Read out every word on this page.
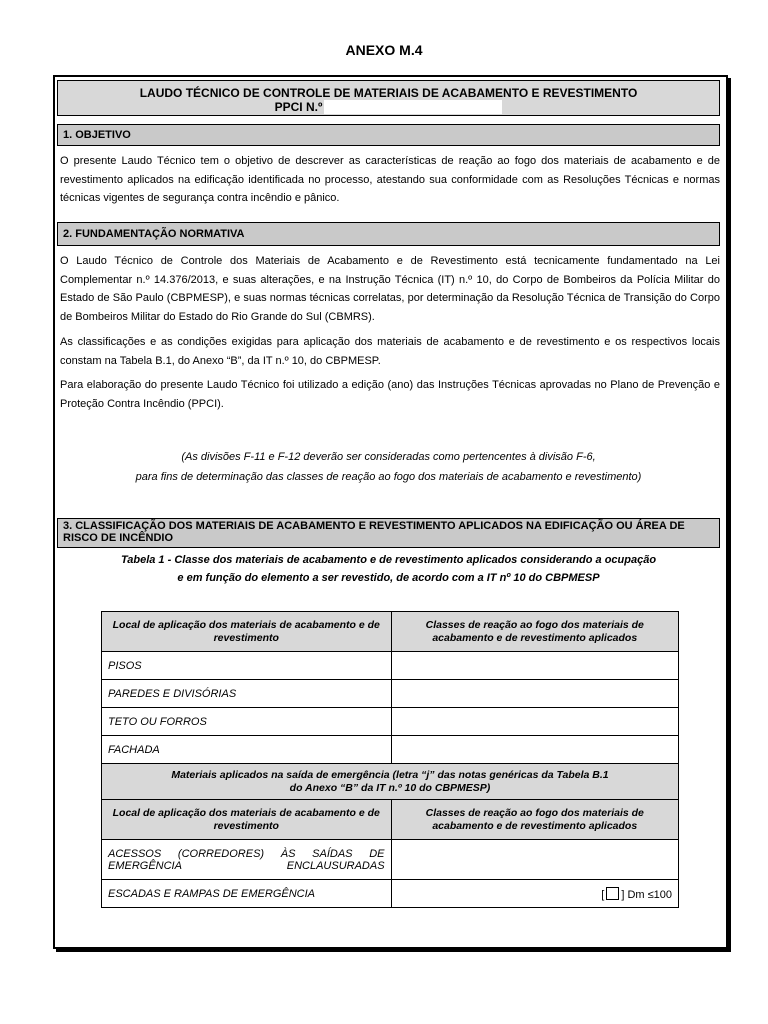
ANEXO M.4
LAUDO TÉCNICO DE CONTROLE DE MATERIAIS DE ACABAMENTO E REVESTIMENTO
PPCI N.º
1. OBJETIVO
O presente Laudo Técnico tem o objetivo de descrever as características de reação ao fogo dos materiais de acabamento e de revestimento aplicados na edificação identificada no processo, atestando sua conformidade com as Resoluções Técnicas e normas técnicas vigentes de segurança contra incêndio e pânico.
2. FUNDAMENTAÇÃO NORMATIVA
O Laudo Técnico de Controle dos Materiais de Acabamento e de Revestimento está tecnicamente fundamentado na Lei Complementar n.º 14.376/2013, e suas alterações, e na Instrução Técnica (IT) n.º 10, do Corpo de Bombeiros da Polícia Militar do Estado de São Paulo (CBPMESP), e suas normas técnicas correlatas, por determinação da Resolução Técnica de Transição do Corpo de Bombeiros Militar do Estado do Rio Grande do Sul (CBMRS).
As classificações e as condições exigidas para aplicação dos materiais de acabamento e de revestimento e os respectivos locais constam na Tabela B.1, do Anexo “B”, da IT n.º 10, do CBPMESP.
Para elaboração do presente Laudo Técnico foi utilizado a edição (ano) das Instruções Técnicas aprovadas no Plano de Prevenção e Proteção Contra Incêndio (PPCI).
(As divisões F-11 e F-12 deverão ser consideradas como pertencentes à divisão F-6,
para fins de determinação das classes de reação ao fogo dos materiais de acabamento e revestimento)
3. CLASSIFICAÇÃO DOS MATERIAIS DE ACABAMENTO E REVESTIMENTO APLICADOS NA EDIFICAÇÃO OU ÁREA DE RISCO DE INCÊNDIO
Tabela 1 - Classe dos materiais de acabamento e de revestimento aplicados considerando a ocupação
e em função do elemento a ser revestido, de acordo com a IT nº 10 do CBPMESP
Local de aplicação dos materiais de acabamento e de revestimento	Classes de reação ao fogo dos materiais de acabamento e de revestimento aplicados
PISOS	
PAREDES E DIVISÓRIAS	
TETO OU FORROS	
FACHADA	

Materiais aplicados na saída de emergência (letra “j” das notas genéricas da Tabela B.1
do Anexo “B” da IT n.º 10 do CBPMESP)	

Local de aplicação dos materiais de acabamento e de revestimento	Classes de reação ao fogo dos materiais de acabamento e de revestimento aplicados

ACESSOS (CORREDORES) ÀS SAÍDAS DE EMERGÊNCIA ENCLAUSURADAS	

ESCADAS E RAMPAS DE EMERGÊNCIA	[ ] Dm ≤100
